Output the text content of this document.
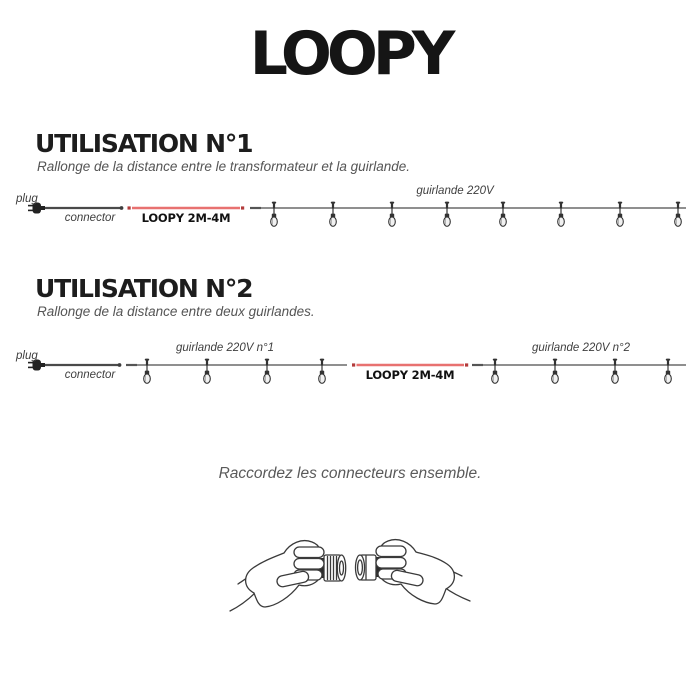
LOOPY
UTILISATION N°1

Rallonge de la distance entre le transformateur et la guirlande.

plug
connector	LOOPY 2M-4M
guirlande 220V
UTILISATION N°2

Rallonge de la distance entre deux guirlandes.

plug
connector
guirlande 220V n°1
LOOPY 2M-4M
guirlande 220V n°2

Raccordez les connecteurs ensemble.
